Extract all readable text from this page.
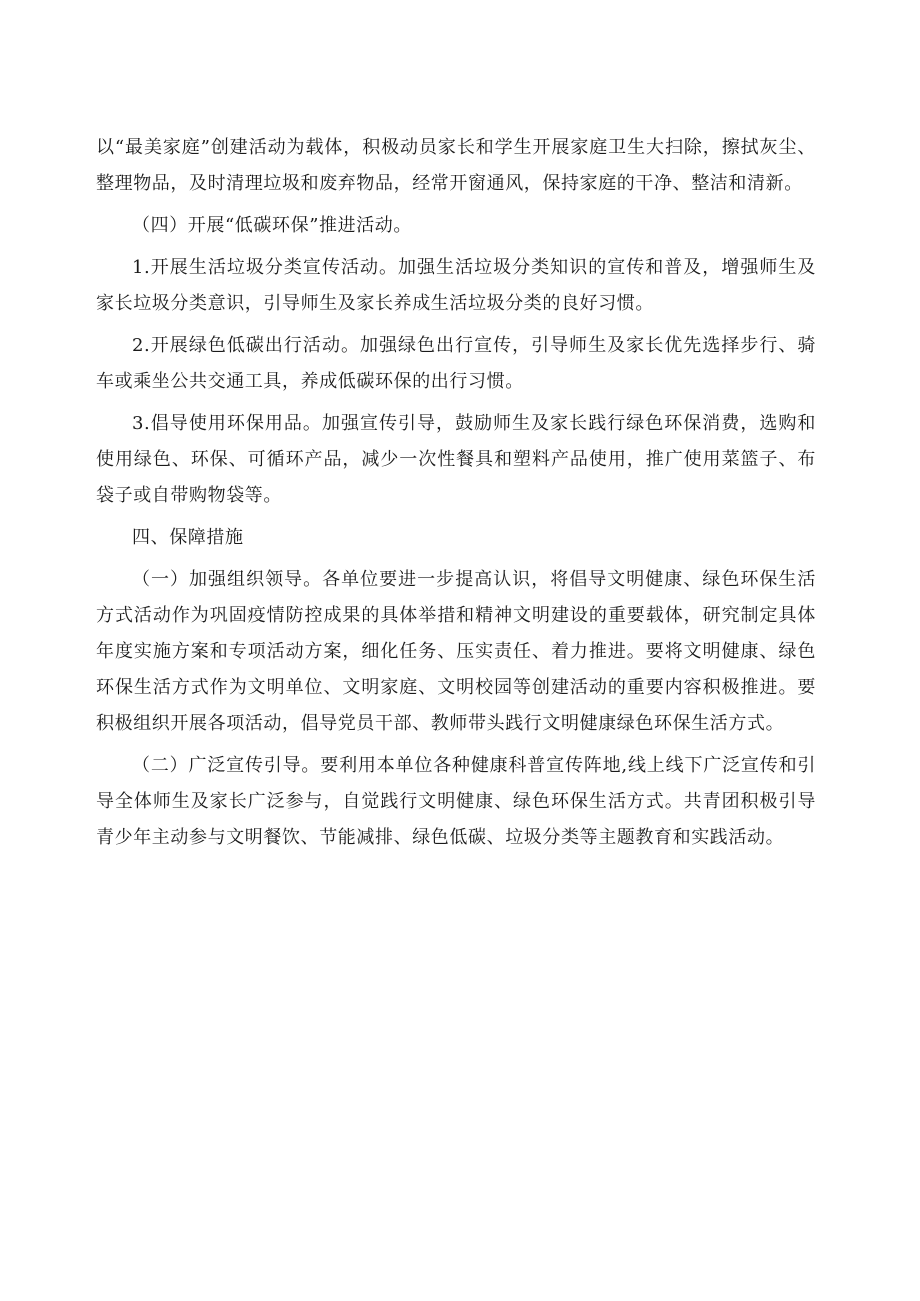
以“最美家庭”创建活动为载体，积极动员家长和学生开展家庭卫生大扫除，擦拭灰尘、整理物品，及时清理垃圾和废弃物品，经常开窗通风，保持家庭的干净、整洁和清新。

（四）开展“低碳环保”推进活动。

1.开展生活垃圾分类宣传活动。加强生活垃圾分类知识的宣传和普及，增强师生及家长垃圾分类意识，引导师生及家长养成生活垃圾分类的良好习惯。

2.开展绿色低碳出行活动。加强绿色出行宣传，引导师生及家长优先选择步行、骑车或乘坐公共交通工具，养成低碳环保的出行习惯。

3.倡导使用环保用品。加强宣传引导，鼓励师生及家长践行绿色环保消费，选购和使用绿色、环保、可循环产品，减少一次性餐具和塑料产品使用，推广使用菜篮子、布袋子或自带购物袋等。

四、保障措施

（一）加强组织领导。各单位要进一步提高认识，将倡导文明健康、绿色环保生活方式活动作为巩固疫情防控成果的具体举措和精神文明建设的重要载体，研究制定具体年度实施方案和专项活动方案，细化任务、压实责任、着力推进。要将文明健康、绿色环保生活方式作为文明单位、文明家庭、文明校园等创建活动的重要内容积极推进。要积极组织开展各项活动，倡导党员干部、教师带头践行文明健康绿色环保生活方式。

（二）广泛宣传引导。要利用本单位各种健康科普宣传阵地,线上线下广泛宣传和引导全体师生及家长广泛参与，自觉践行文明健康、绿色环保生活方式。共青团积极引导青少年主动参与文明餐饮、节能减排、绿色低碳、垃圾分类等主题教育和实践活动。
